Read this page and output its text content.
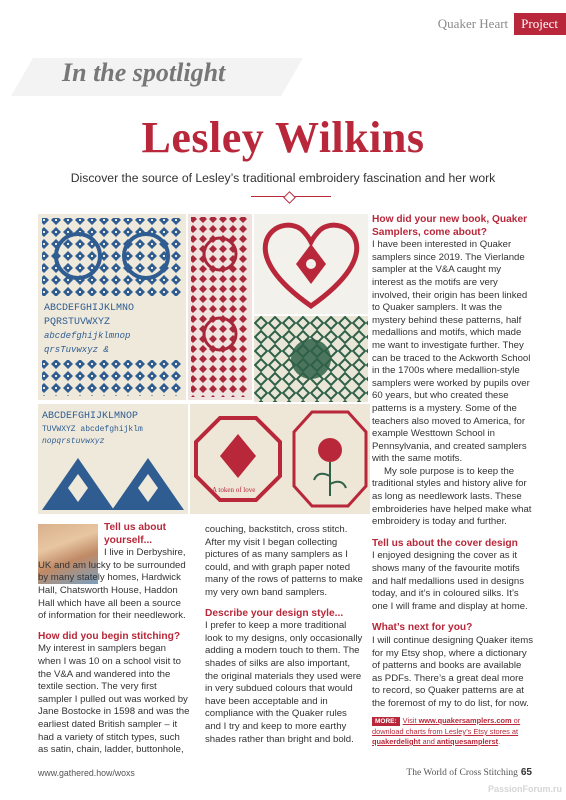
Quaker Heart	Project
In the spotlight
Lesley Wilkins
Discover the source of Lesley’s traditional embroidery fascination and her work
ABCDEFGHIJKLMNO
PQRSTUVWXYZ
abcdefghijklmnop
qrsTuvwxyz &
ABCDEFGHIJKLMNOP
TUVWXYZ abcdefghijklm
nopqrstuvwxyz
A token of love

Tell us about yourself...

I live in Derbyshire, UK and am lucky to be surrounded by many stately homes, Hardwick Hall, Chatsworth House, Haddon Hall which have all been a source of information for their needlework.

How did you begin stitching?

My interest in samplers began when I was 10 on a school visit to the V&A and wandered into the textile section. The very first sampler I pulled out was worked by Jane Bostocke in 1598 and was the earliest dated British sampler – it had a variety of stitch types, such as satin, chain, ladder, buttonhole,

couching, backstitch, cross stitch. After my visit I began collecting pictures of as many samplers as I could, and with graph paper noted many of the rows of patterns to make my very own band samplers.

Describe your design style...

I prefer to keep a more traditional look to my designs, only occasionally adding a modern touch to them. The shades of silks are also important, the original materials they used were in very subdued colours that would have been acceptable and in compliance with the Quaker rules and I try and keep to more earthy shades rather than bright and bold.

How did your new book, Quaker Samplers, come about?

I have been interested in Quaker samplers since 2019. The Vierlande sampler at the V&A caught my interest as the motifs are very involved, their origin has been linked to Quaker samplers. It was the mystery behind these patterns, half medallions and motifs, which made me want to investigate further. They can be traced to the Ackworth School in the 1700s where medallion-style samplers were worked by pupils over 60 years, but who created these patterns is a mystery. Some of the teachers also moved to America, for example Westtown School in Pennsylvania, and created samplers with the same motifs.

My sole purpose is to keep the traditional styles and history alive for as long as needlework lasts. These embroideries have helped make what embroidery is today and further.

Tell us about the cover design

I enjoyed designing the cover as it shows many of the favourite motifs and half medallions used in designs today, and it’s in coloured silks. It’s one I will frame and display at home.

What’s next for you?

I will continue designing Quaker items for my Etsy shop, where a dictionary of patterns and books are available as PDFs. There’s a great deal more to record, so Quaker patterns are at the foremost of my to do list, for now.

MORE: Visit www.quakersamplers.com or download charts from Lesley’s Etsy stores at quakerdelight and antiquesamplerst.
www.gathered.how/woxs	The World of Cross Stitching 65
PassionForum.ru
